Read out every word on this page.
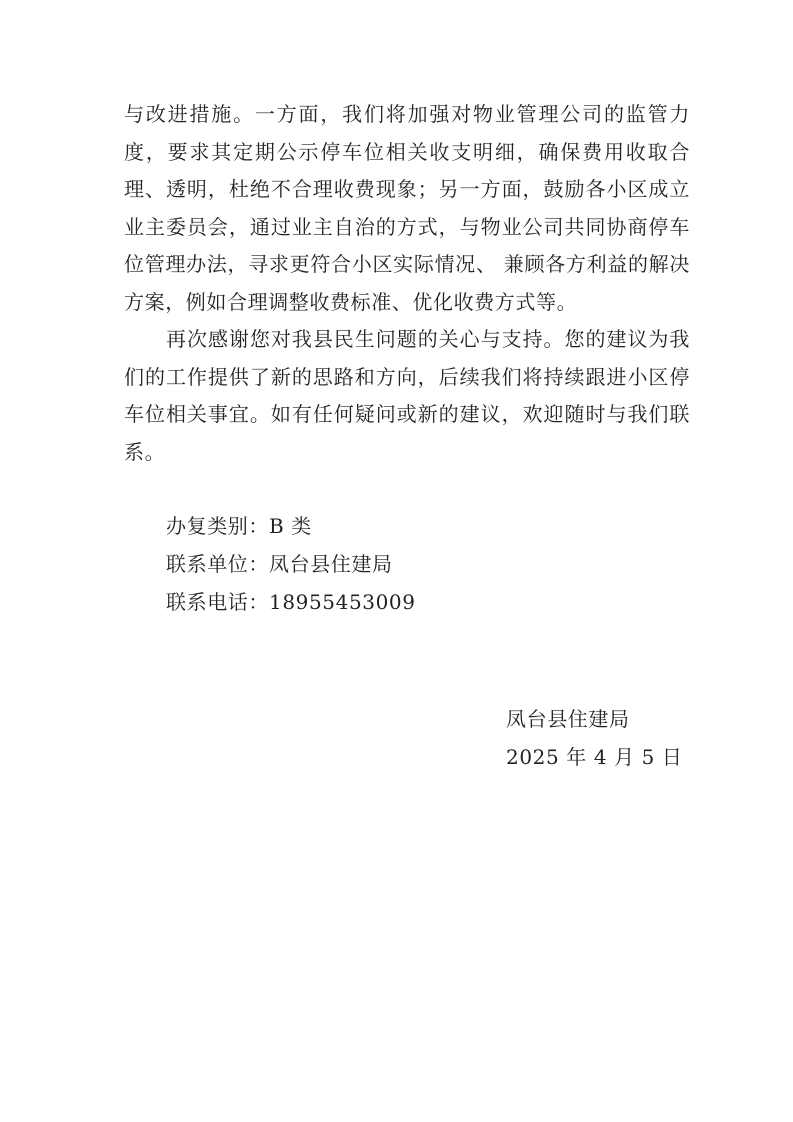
与改进措施。一方面，我们将加强对物业管理公司的监管力度，要求其定期公示停车位相关收支明细，确保费用收取合理、透明，杜绝不合理收费现象；另一方面，鼓励各小区成立业主委员会，通过业主自治的方式，与物业公司共同协商停车位管理办法，寻求更符合小区实际情况、 兼顾各方利益的解决方案，例如合理调整收费标准、优化收费方式等。

再次感谢您对我县民生问题的关心与支持。您的建议为我们的工作提供了新的思路和方向，后续我们将持续跟进小区停车位相关事宜。如有任何疑问或新的建议，欢迎随时与我们联系。

办复类别：B 类
联系单位：凤台县住建局
联系电话：18955453009
凤台县住建局
2025 年 4 月 5 日
